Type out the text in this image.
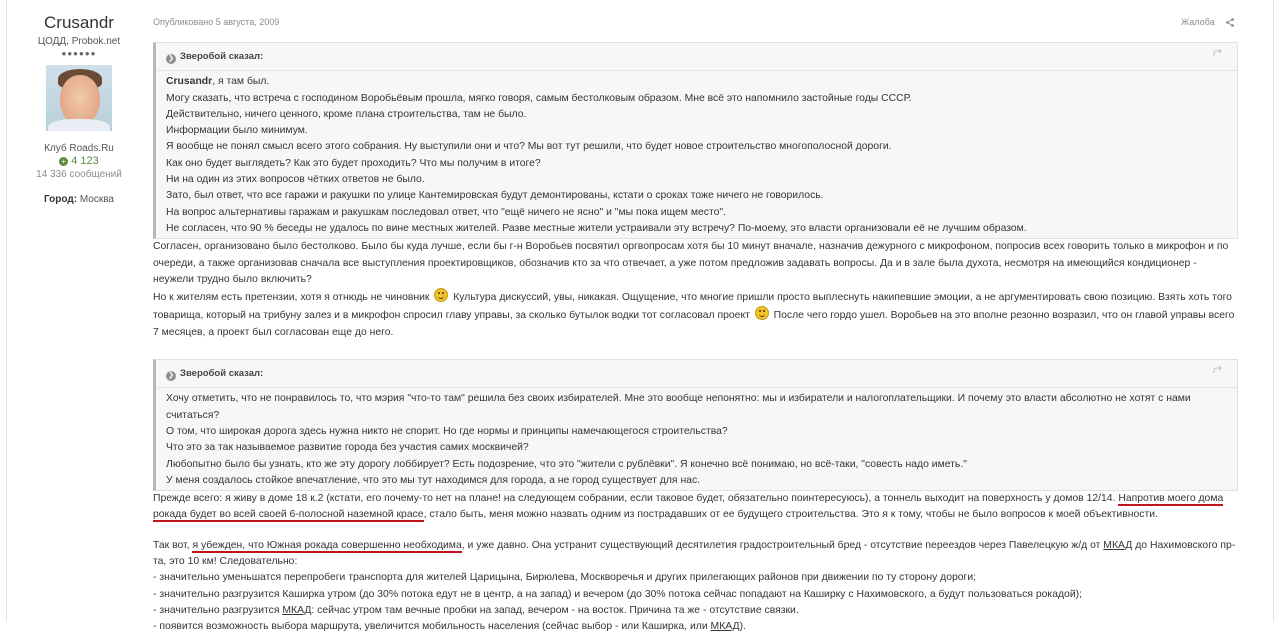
Crusandr
ЦОДД, Probok.net
●●●●●●
Клуб Roads.Ru
+ 4 123
14 336 сообщений
Город: Москва
Опубликовано 5 августа, 2009	Жалоба
❯ Зверобой сказал:

Crusandr, я там был.

Могу сказать, что встреча с господином Воробьёвым прошла, мягко говоря, самым бестолковым образом. Мне всё это напомнило застойные годы СССР.

Действительно, ничего ценного, кроме плана строительства, там не было.

Информации было минимум.

Я вообще не понял смысл всего этого собрания. Ну выступили они и что? Мы вот тут решили, что будет новое строительство многополосной дороги.

Как оно будет выглядеть? Как это будет проходить? Что мы получим в итоге?

Ни на один из этих вопросов чётких ответов не было.

Зато, был ответ, что все гаражи и ракушки по улице Кантемировская будут демонтированы, кстати о сроках тоже ничего не говорилось.

На вопрос альтернативы гаражам и ракушкам последовал ответ, что "ещё ничего не ясно" и "мы пока ищем место".

Не согласен, что 90 % беседы не удалось по вине местных жителей. Разве местные жители устраивали эту встречу? По-моему, это власти организовали её не лучшим образом.

Согласен, организовано было бестолково. Было бы куда лучше, если бы г-н Воробьев посвятил оргвопросам хотя бы 10 минут вначале, назначив дежурного с микрофоном, попросив всех говорить только в микрофон и по очереди, а также организовав сначала все выступления проектировщиков, обозначив кто за что отвечает, а уже потом предложив задавать вопросы. Да и в зале была духота, несмотря на имеющийся кондиционер - неужели трудно было включить?

Но к жителям есть претензии, хотя я отнюдь не чиновник Культура дискуссий, увы, никакая. Ощущение, что многие пришли просто выплеснуть накипевшие эмоции, а не аргументировать свою позицию. Взять хоть того товарища, который на трибуну залез и в микрофон спросил главу управы, за сколько бутылок водки тот согласовал проект После чего гордо ушел. Воробьев на это вполне резонно возразил, что он главой управы всего 7 месяцев, а проект был согласован еще до него.

❯ Зверобой сказал:

Хочу отметить, что не понравилось то, что мэрия "что-то там" решила без своих избирателей. Мне это вообще непонятно: мы и избиратели и налогоплательщики. И почему это власти абсолютно не хотят с нами считаться?

О том, что широкая дорога здесь нужна никто не спорит. Но где нормы и принципы намечающегося строительства?

Что это за так называемое развитие города без участия самих москвичей?

Любопытно было бы узнать, кто же эту дорогу лоббирует? Есть подозрение, что это "жители с рублёвки". Я конечно всё понимаю, но всё-таки, "совесть надо иметь."

У меня создалось стойкое впечатление, что это мы тут находимся для города, а не город существует для нас.

Прежде всего: я живу в доме 18 к.2 (кстати, его почему-то нет на плане! на следующем собрании, если таковое будет, обязательно поинтересуюсь), а тоннель выходит на поверхность у домов 12/14. Напротив моего дома рокада будет во всей своей 6-полосной наземной красе, стало быть, меня можно назвать одним из пострадавших от ее будущего строительства. Это я к тому, чтобы не было вопросов к моей объективности.

Так вот, я убежден, что Южная рокада совершенно необходима, и уже давно. Она устранит существующий десятилетия градостроительный бред - отсутствие переездов через Павелецкую ж/д от МКАД до Нахимовского пр-та, это 10 км! Следовательно:

- значительно уменьшатся перепробеги транспорта для жителей Царицына, Бирюлева, Москворечья и других прилегающих районов при движении по ту сторону дороги;

- значительно разгрузится Каширка утром (до 30% потока едут не в центр, а на запад) и вечером (до 30% потока сейчас попадают на Каширку с Нахимовского, а будут пользоваться рокадой);

- значительно разгрузится МКАД: сейчас утром там вечные пробки на запад, вечером - на восток. Причина та же - отсутствие связки.

- появится возможность выбора маршрута, увеличится мобильность населения (сейчас выбор - или Каширка, или МКАД).
